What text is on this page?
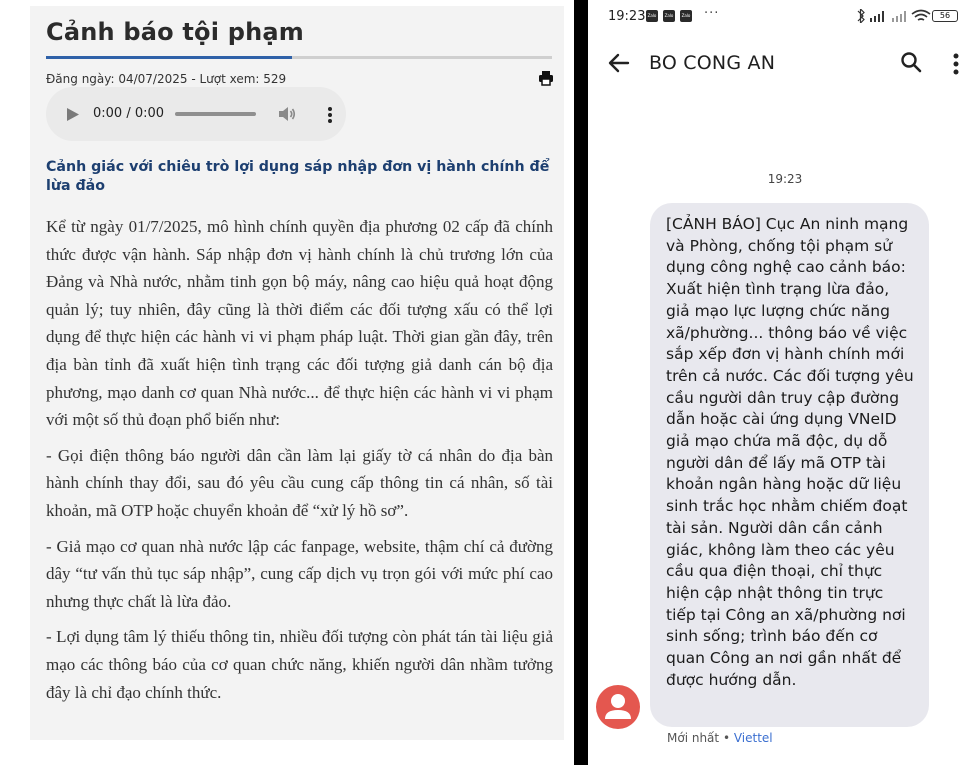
Cảnh báo tội phạm
Đăng ngày: 04/07/2025 - Lượt xem: 529
0:00 / 0:00
Cảnh giác với chiêu trò lợi dụng sáp nhập đơn vị hành chính để lừa đảo

Kể từ ngày 01/7/2025, mô hình chính quyền địa phương 02 cấp đã chính thức được vận hành. Sáp nhập đơn vị hành chính là chủ trương lớn của Đảng và Nhà nước, nhằm tinh gọn bộ máy, nâng cao hiệu quả hoạt động quản lý; tuy nhiên, đây cũng là thời điểm các đối tượng xấu có thể lợi dụng để thực hiện các hành vi vi phạm pháp luật. Thời gian gần đây, trên địa bàn tỉnh đã xuất hiện tình trạng các đối tượng giả danh cán bộ địa phương, mạo danh cơ quan Nhà nước... để thực hiện các hành vi vi phạm với một số thủ đoạn phổ biến như:

- Gọi điện thông báo người dân cần làm lại giấy tờ cá nhân do địa bàn hành chính thay đổi, sau đó yêu cầu cung cấp thông tin cá nhân, số tài khoản, mã OTP hoặc chuyển khoản để “xử lý hồ sơ”.

- Giả mạo cơ quan nhà nước lập các fanpage, website, thậm chí cả đường dây “tư vấn thủ tục sáp nhập”, cung cấp dịch vụ trọn gói với mức phí cao nhưng thực chất là lừa đảo.

- Lợi dụng tâm lý thiếu thông tin, nhiều đối tượng còn phát tán tài liệu giả mạo các thông báo của cơ quan chức năng, khiến người dân nhầm tưởng đây là chỉ đạo chính thức.

19:23 Zalo	Zalo	Zalo ···	56
BO CONG AN
19:23
[CẢNH BÁO] Cục An ninh mạng và Phòng, chống tội phạm sử dụng công nghệ cao cảnh báo: Xuất hiện tình trạng lừa đảo, giả mạo lực lượng chức năng xã/phường... thông báo về việc sắp xếp đơn vị hành chính mới trên cả nước. Các đối tượng yêu cầu người dân truy cập đường dẫn hoặc cài ứng dụng VNeID giả mạo chứa mã độc, dụ dỗ người dân để lấy mã OTP tài khoản ngân hàng hoặc dữ liệu sinh trắc học nhằm chiếm đoạt tài sản. Người dân cần cảnh giác, không làm theo các yêu cầu qua điện thoại, chỉ thực hiện cập nhật thông tin trực tiếp tại Công an xã/phường nơi sinh sống; trình báo đến cơ quan Công an nơi gần nhất để được hướng dẫn.
Mới nhất • Viettel
